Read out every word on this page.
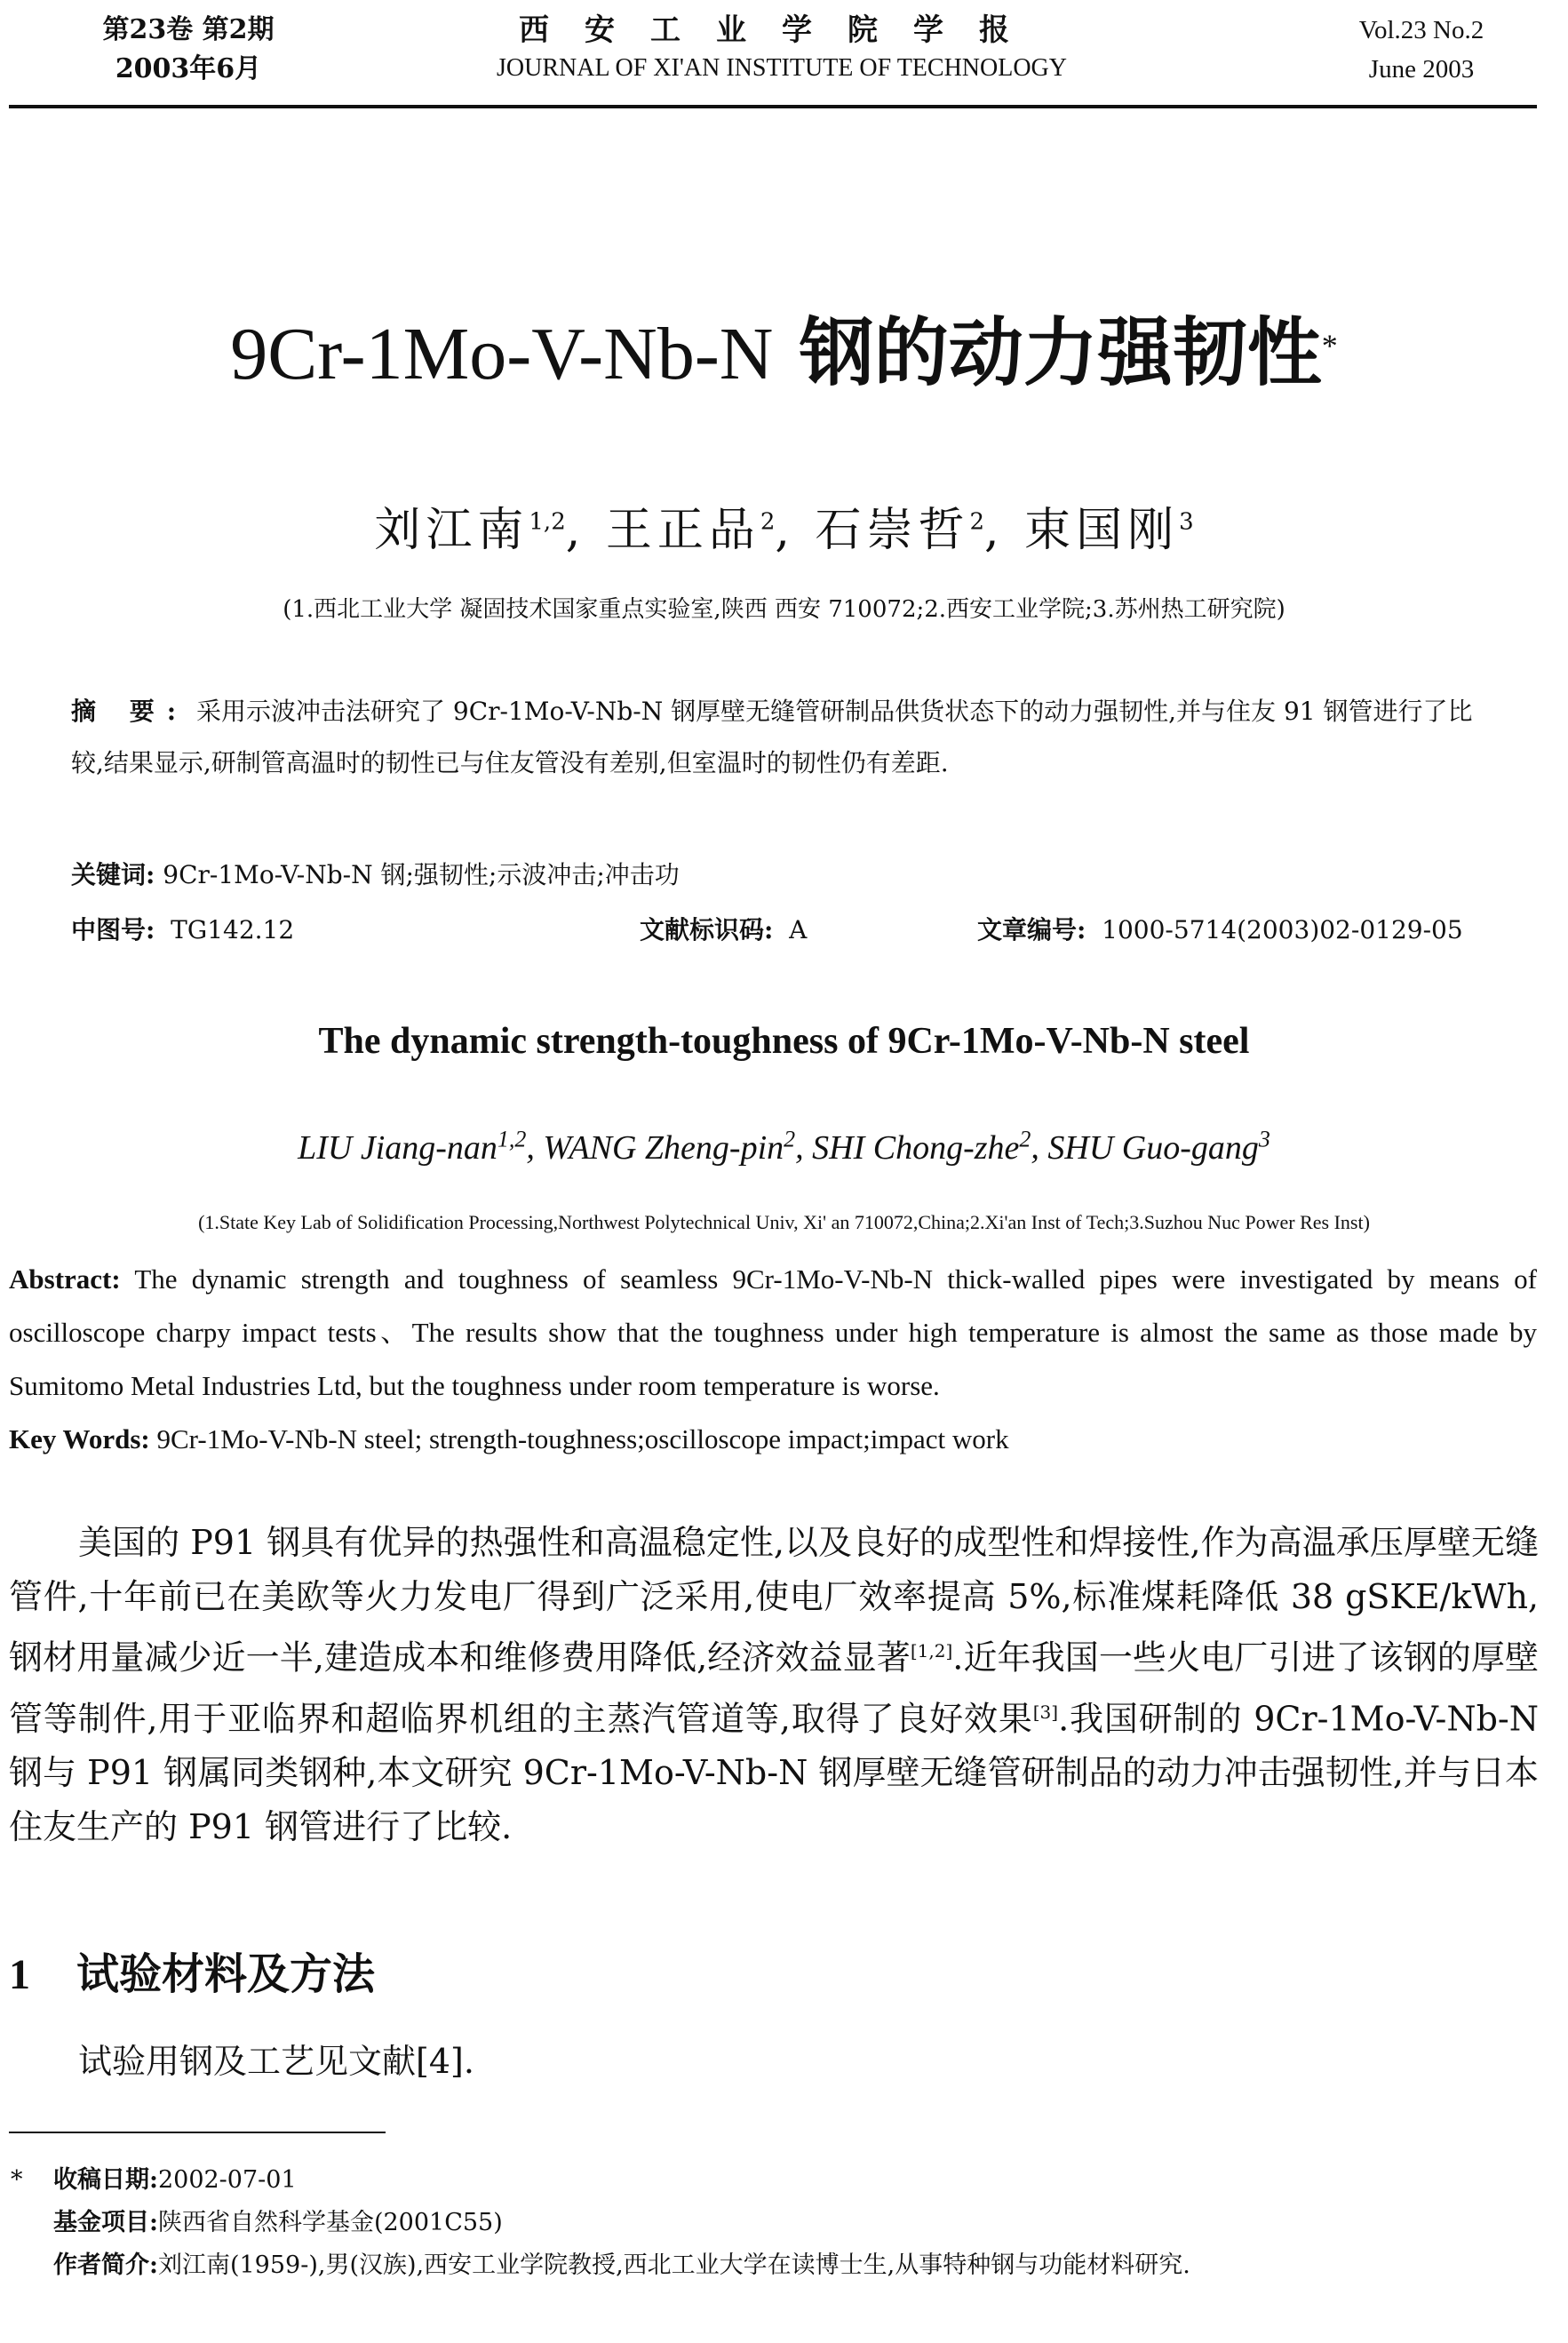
第23卷 第2期
2003年6月
西安工业学院学报
JOURNAL OF XI'AN INSTITUTE OF TECHNOLOGY
Vol.23 No.2
June 2003
9Cr-1Mo-V-Nb-N 钢的动力强韧性*
刘江南$^{1,2}$, 王正品$^2$, 石崇哲$^2$, 束国刚$^3$
(1.西北工业大学 凝固技术国家重点实验室,陕西 西安 710072;2.西安工业学院;3.苏州热工研究院)
摘 要: 采用示波冲击法研究了 9Cr-1Mo-V-Nb-N 钢厚壁无缝管研制品供货状态下的动力强韧性,并与住友 91 钢管进行了比较,结果显示,研制管高温时的韧性已与住友管没有差别,但室温时的韧性仍有差距.
关键词: 9Cr-1Mo-V-Nb-N 钢;强韧性;示波冲击;冲击功
中图号: TG142.12	文献标识码: A	文章编号: 1000-5714(2003)02-0129-05
The dynamic strength-toughness of 9Cr-1Mo-V-Nb-N steel
LIU Jiang-nan$^{1,2}$, WANG Zheng-pin$^2$, SHI Chong-zhe$^2$, SHU Guo-gang$^3$
(1.State Key Lab of Solidification Processing,Northwest Polytechnical Univ, Xi' an 710072,China;2.Xi'an Inst of Tech;3.Suzhou Nuc Power Res Inst)
Abstract: The dynamic strength and toughness of seamless 9Cr-1Mo-V-Nb-N thick-walled pipes were investigated by means of oscilloscope charpy impact tests、The results show that the toughness under high temperature is almost the same as those made by Sumitomo Metal Industries Ltd, but the toughness under room temperature is worse.
Key Words: 9Cr-1Mo-V-Nb-N steel; strength-toughness;oscilloscope impact;impact work
美国的 P91 钢具有优异的热强性和高温稳定性,以及良好的成型性和焊接性,作为高温承压厚壁无缝管件,十年前已在美欧等火力发电厂得到广泛采用,使电厂效率提高 5%,标准煤耗降低 38 gSKE/kWh,钢材用量减少近一半,建造成本和维修费用降低,经济效益显著[1,2].近年我国一些火电厂引进了该钢的厚壁管等制件,用于亚临界和超临界机组的主蒸汽管道等,取得了良好效果[3].我国研制的 9Cr-1Mo-V-Nb-N 钢与 P91 钢属同类钢种,本文研究 9Cr-1Mo-V-Nb-N 钢厚壁无缝管研制品的动力冲击强韧性,并与日本住友生产的 P91 钢管进行了比较.
1 试验材料及方法
试验用钢及工艺见文献[4].
* 收稿日期:2002-07-01
基金项目:陕西省自然科学基金(2001C55)
作者简介:刘江南(1959-),男(汉族),西安工业学院教授,西北工业大学在读博士生,从事特种钢与功能材料研究.
